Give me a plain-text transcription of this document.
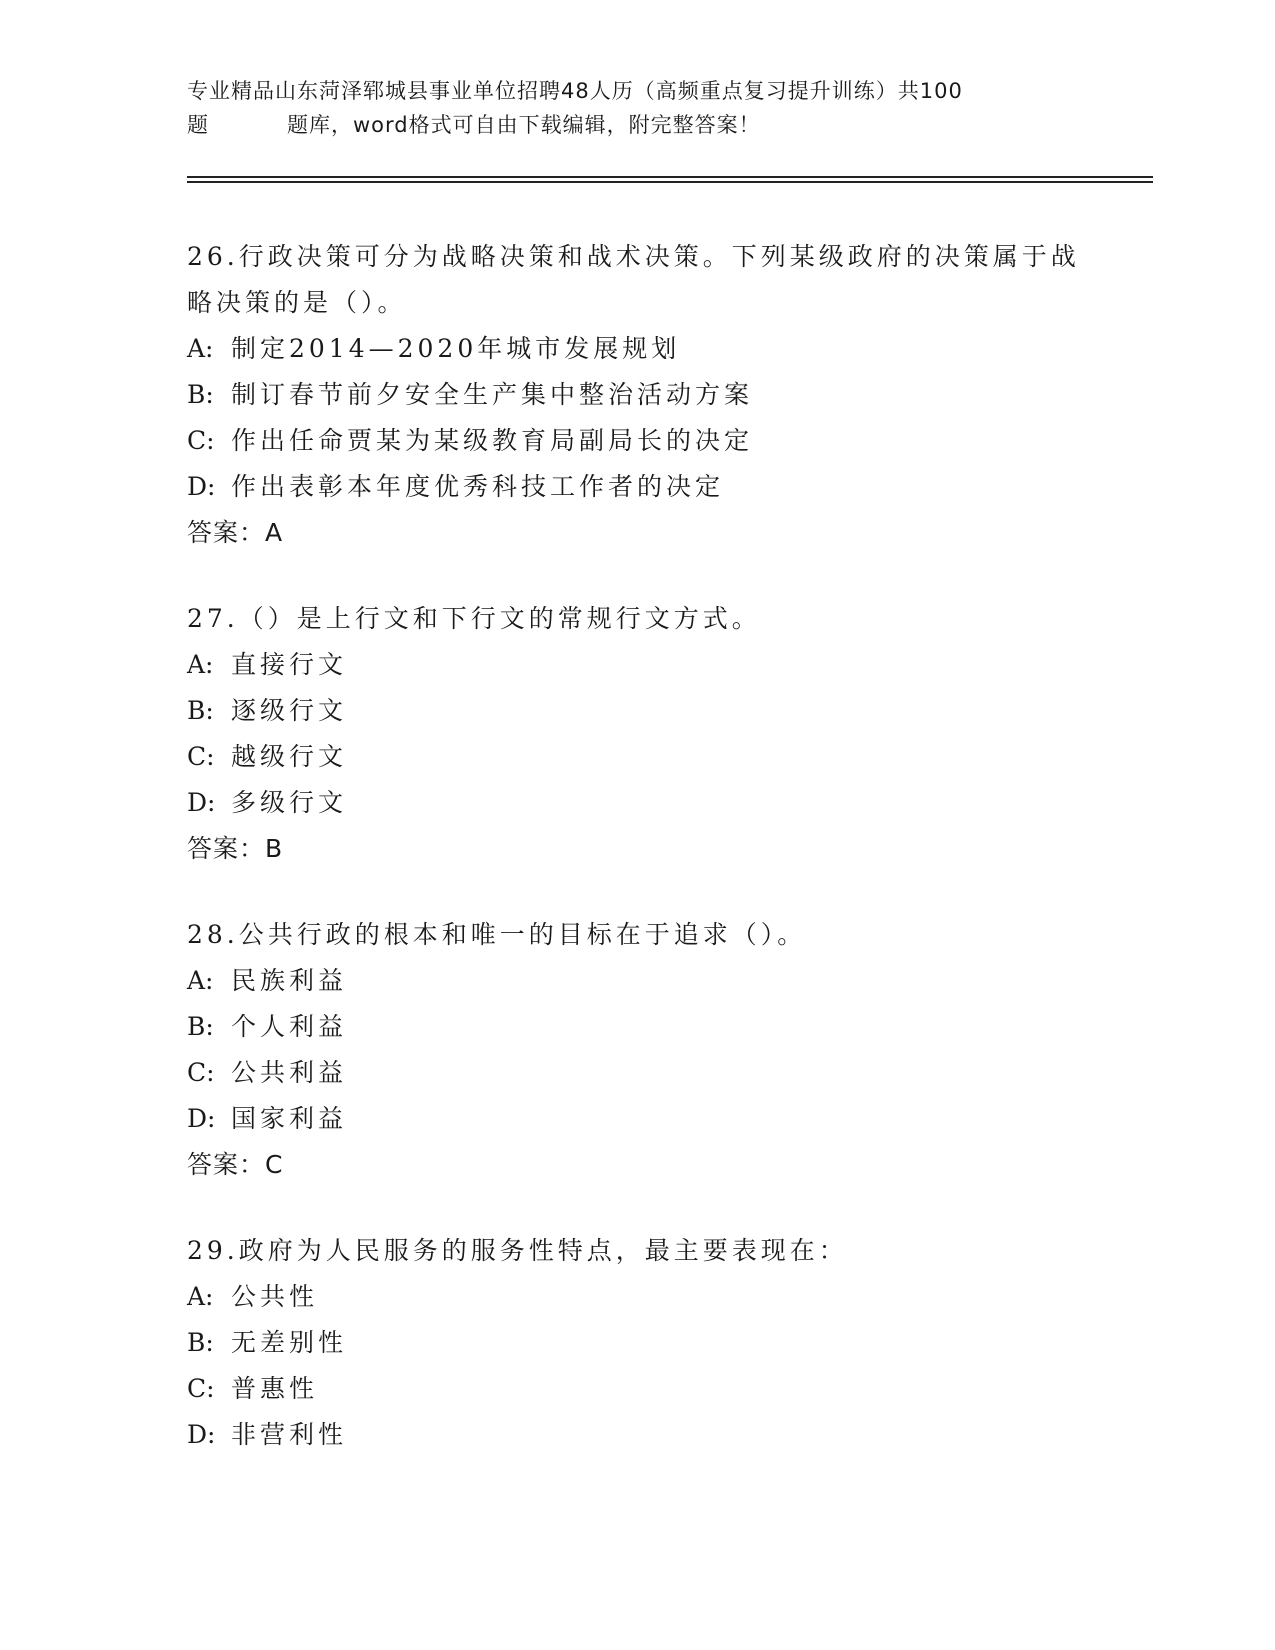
专业精品山东菏泽郓城县事业单位招聘48人历（高频重点复习提升训练）共100
题	题库，word格式可自由下载编辑，附完整答案！

26.行政决策可分为战略决策和战术决策。下列某级政府的决策属于战略决策的是（）。

A: 制定2014—2020年城市发展规划

B: 制订春节前夕安全生产集中整治活动方案

C: 作出任命贾某为某级教育局副局长的决定

D: 作出表彰本年度优秀科技工作者的决定

答案：A

27.（）是上行文和下行文的常规行文方式。

A: 直接行文

B: 逐级行文

C: 越级行文

D: 多级行文

答案：B

28.公共行政的根本和唯一的目标在于追求（）。

A: 民族利益

B: 个人利益

C: 公共利益

D: 国家利益

答案：C

29.政府为人民服务的服务性特点，最主要表现在：

A: 公共性

B: 无差别性

C: 普惠性

D: 非营利性
